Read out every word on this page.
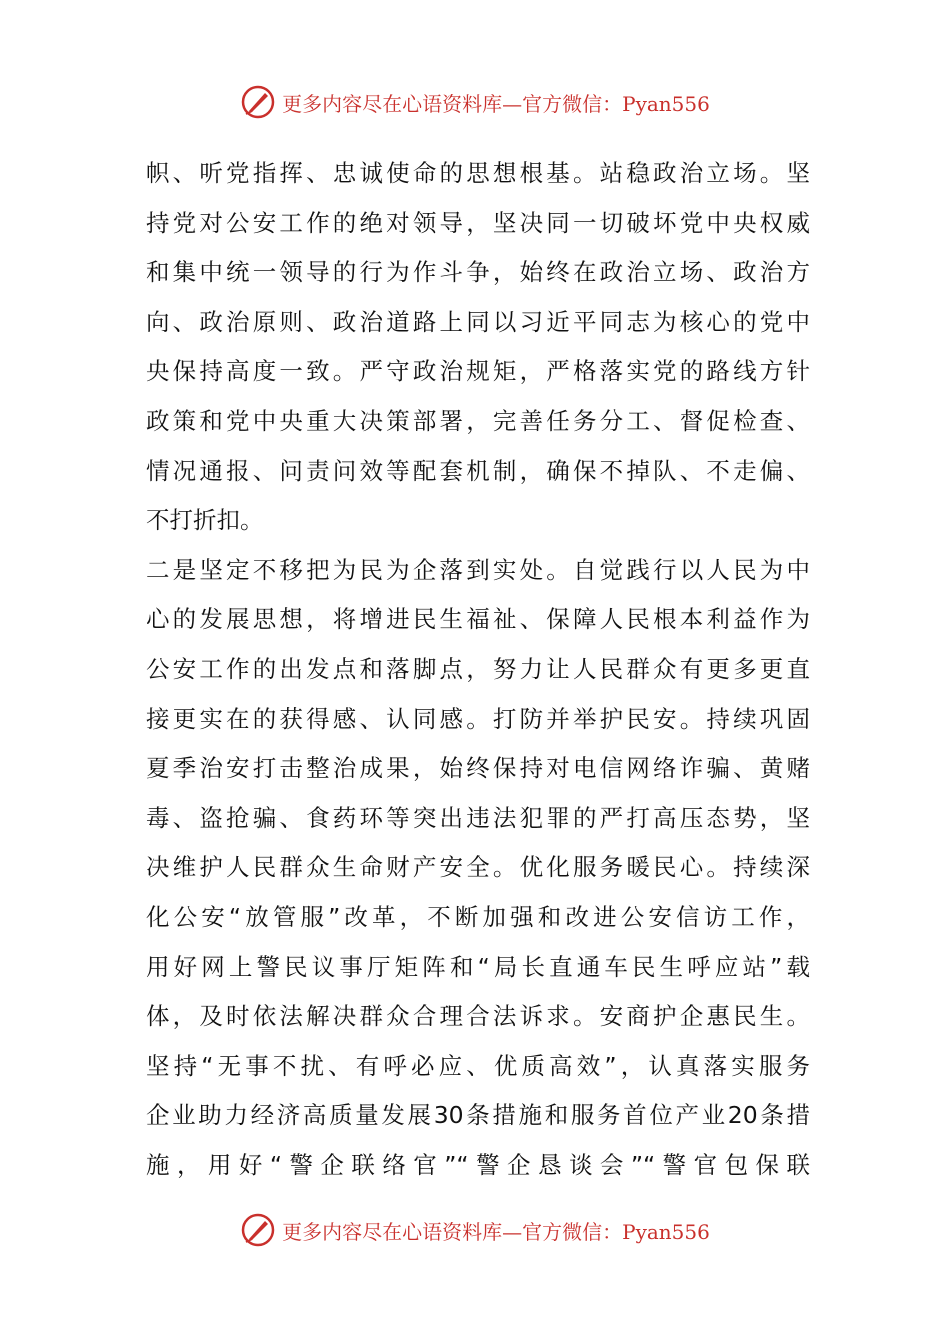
更多内容尽在心语资料库—官方微信：Pyan556
帜、听党指挥、忠诚使命的思想根基。站稳政治立场。坚
持党对公安工作的绝对领导，坚决同一切破坏党中央权威
和集中统一领导的行为作斗争，始终在政治立场、政治方
向、政治原则、政治道路上同以习近平同志为核心的党中
央保持高度一致。严守政治规矩，严格落实党的路线方针
政策和党中央重大决策部署，完善任务分工、督促检查、
情况通报、问责问效等配套机制，确保不掉队、不走偏、
不打折扣。
二是坚定不移把为民为企落到实处。自觉践行以人民为中
心的发展思想，将增进民生福祉、保障人民根本利益作为
公安工作的出发点和落脚点，努力让人民群众有更多更直
接更实在的获得感、认同感。打防并举护民安。持续巩固
夏季治安打击整治成果，始终保持对电信网络诈骗、黄赌
毒、盗抢骗、食药环等突出违法犯罪的严打高压态势，坚
决维护人民群众生命财产安全。优化服务暖民心。持续深
化公安“放管服”改革，不断加强和改进公安信访工作，
用好网上警民议事厅矩阵和“局长直通车民生呼应站”载
体，及时依法解决群众合理合法诉求。安商护企惠民生。
坚持“无事不扰、有呼必应、优质高效”，认真落实服务
企业助力经济高质量发展30条措施和服务首位产业20条措
施，用好“警企联络官”“警企恳谈会”“警官包保联
更多内容尽在心语资料库—官方微信：Pyan556
